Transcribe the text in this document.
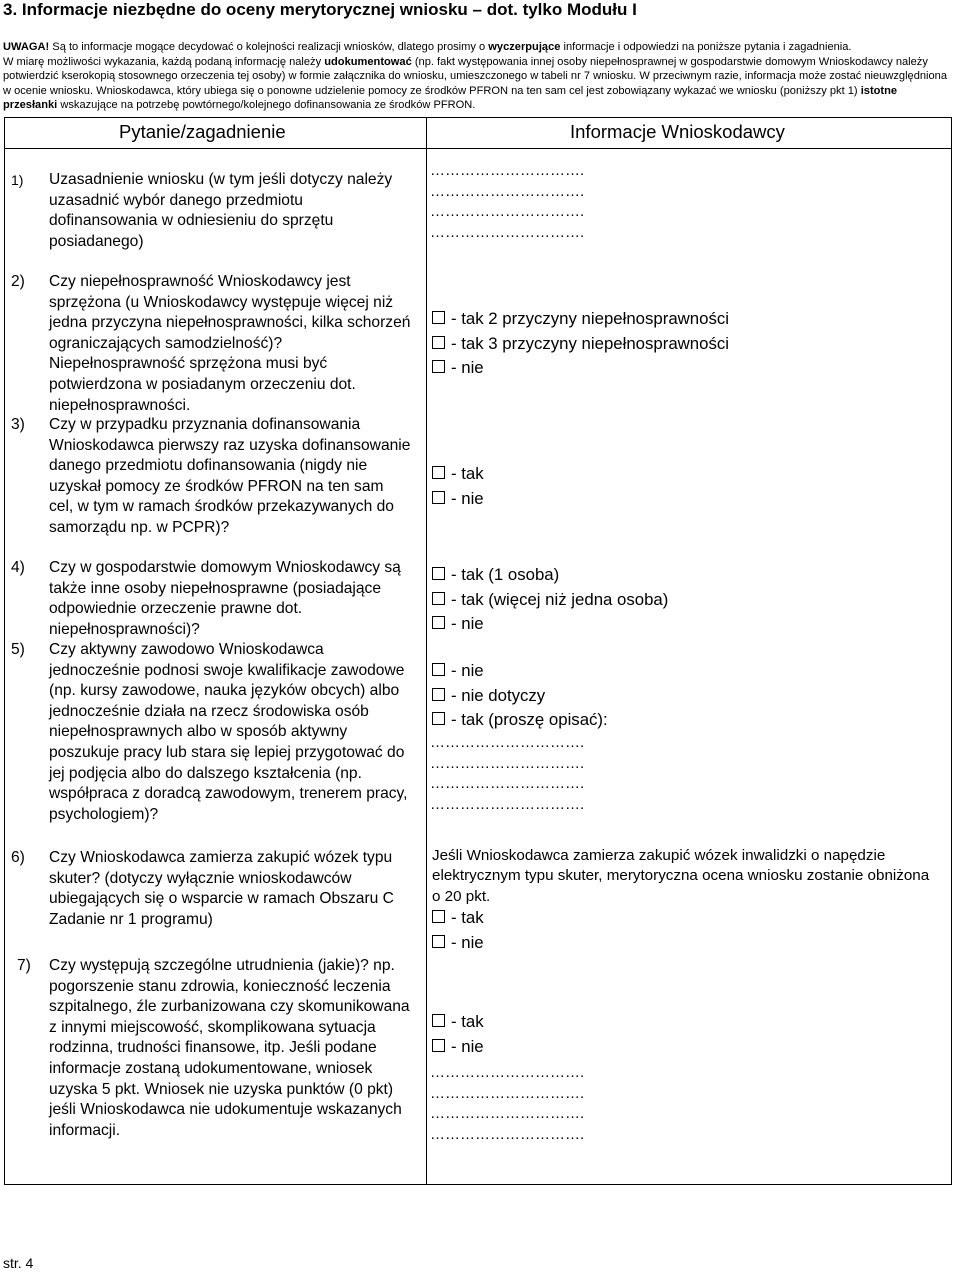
3. Informacje niezbędne do oceny merytorycznej wniosku – dot. tylko Modułu I
UWAGA! Są to informacje mogące decydować o kolejności realizacji wniosków, dlatego prosimy o wyczerpujące informacje i odpowiedzi na poniższe pytania i zagadnienia.
W miarę możliwości wykazania, każdą podaną informację należy udokumentować (np. fakt występowania innej osoby niepełnosprawnej w gospodarstwie domowym Wnioskodawcy należy potwierdzić kserokopią stosownego orzeczenia tej osoby) w formie załącznika do wniosku, umieszczonego w tabeli nr 7 wniosku. W przeciwnym razie, informacja może zostać nieuwzględniona w ocenie wniosku. Wnioskodawca, który ubiega się o ponowne udzielenie pomocy ze środków PFRON na ten sam cel jest zobowiązany wykazać we wniosku (poniższy pkt 1) istotne przesłanki wskazujące na potrzebę powtórnego/kolejnego dofinansowania ze środków PFRON.
Pytanie/zagadnienie	Informacje Wnioskodawcy
1)	Uzasadnienie wniosku (w tym jeśli dotyczy należy uzasadnić wybór danego przedmiotu dofinansowania w odniesieniu do sprzętu posiadanego)
………………………….
………………………….
………………………….
………………………….
2)	Czy niepełnosprawność Wnioskodawcy jest sprzężona (u Wnioskodawcy występuje więcej niż jedna przyczyna niepełnosprawności, kilka schorzeń ograniczających samodzielność)? Niepełnosprawność sprzężona musi być potwierdzona w posiadanym orzeczeniu dot. niepełnosprawności.
- tak 2 przyczyny niepełnosprawności
- tak 3 przyczyny niepełnosprawności
- nie
3)	Czy w przypadku przyznania dofinansowania Wnioskodawca pierwszy raz uzyska dofinansowanie danego przedmiotu dofinansowania (nigdy nie uzyskał pomocy ze środków PFRON na ten sam cel, w tym w ramach środków przekazywanych do samorządu np. w PCPR)?
- tak
- nie
4)	Czy w gospodarstwie domowym Wnioskodawcy są także inne osoby niepełnosprawne (posiadające odpowiednie orzeczenie prawne dot. niepełnosprawności)?
- tak (1 osoba)
- tak (więcej niż jedna osoba)
- nie
5)	Czy aktywny zawodowo Wnioskodawca jednocześnie podnosi swoje kwalifikacje zawodowe (np. kursy zawodowe, nauka języków obcych) albo jednocześnie działa na rzecz środowiska osób niepełnosprawnych albo w sposób aktywny poszukuje pracy lub stara się lepiej przygotować do jej podjęcia albo do dalszego kształcenia (np. współpraca z doradcą zawodowym, trenerem pracy, psychologiem)?
- nie
- nie dotyczy
- tak (proszę opisać):
………………………….
………………………….
………………………….
………………………….
6)	Czy Wnioskodawca zamierza zakupić wózek typu skuter? (dotyczy wyłącznie wnioskodawców ubiegających się o wsparcie w ramach Obszaru C Zadanie nr 1 programu)
Jeśli Wnioskodawca zamierza zakupić wózek inwalidzki o napędzie elektrycznym typu skuter, merytoryczna ocena wniosku zostanie obniżona o 20 pkt.
- tak
- nie
7)	Czy występują szczególne utrudnienia (jakie)? np. pogorszenie stanu zdrowia, konieczność leczenia szpitalnego, źle zurbanizowana czy skomunikowana z innymi miejscowość, skomplikowana sytuacja rodzinna, trudności finansowe, itp. Jeśli podane informacje zostaną udokumentowane, wniosek uzyska 5 pkt. Wniosek nie uzyska punktów (0 pkt) jeśli Wnioskodawca nie udokumentuje wskazanych informacji.
- tak
- nie
………………………….
………………………….
………………………….
………………………….
str. 4
